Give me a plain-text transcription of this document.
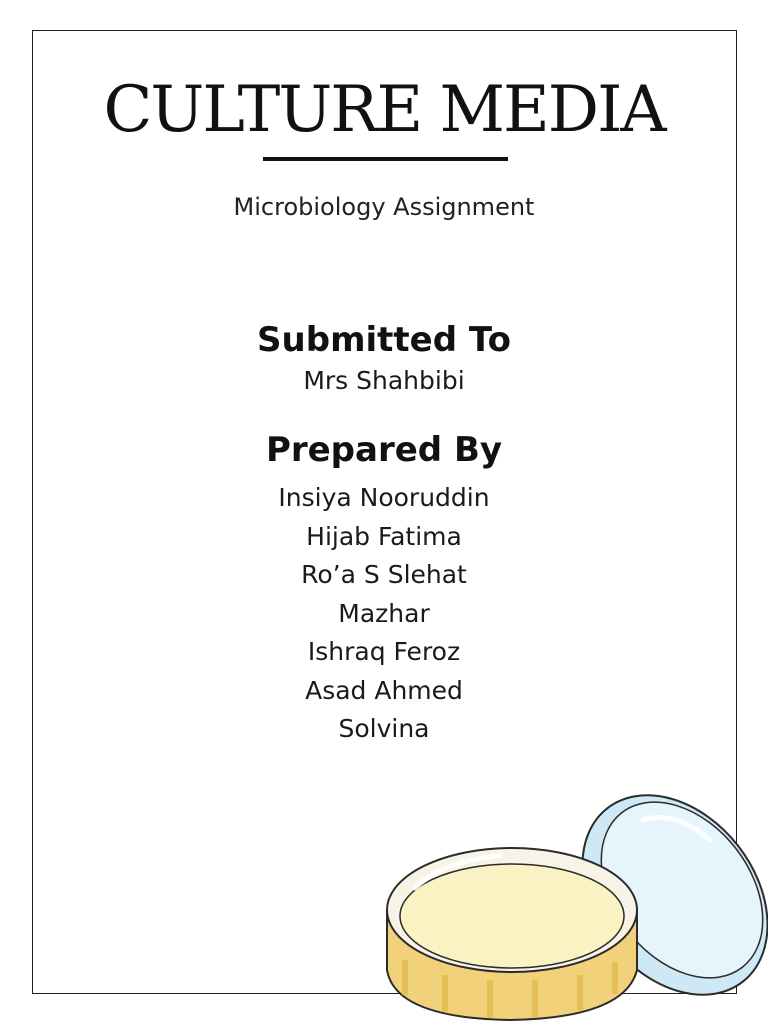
CULTURE MEDIA
Microbiology Assignment
Submitted To
Mrs Shahbibi
Prepared By
Insiya Nooruddin
Hijab Fatima
Ro’a S Slehat
Mazhar
Ishraq Feroz
Asad Ahmed
Solvina
